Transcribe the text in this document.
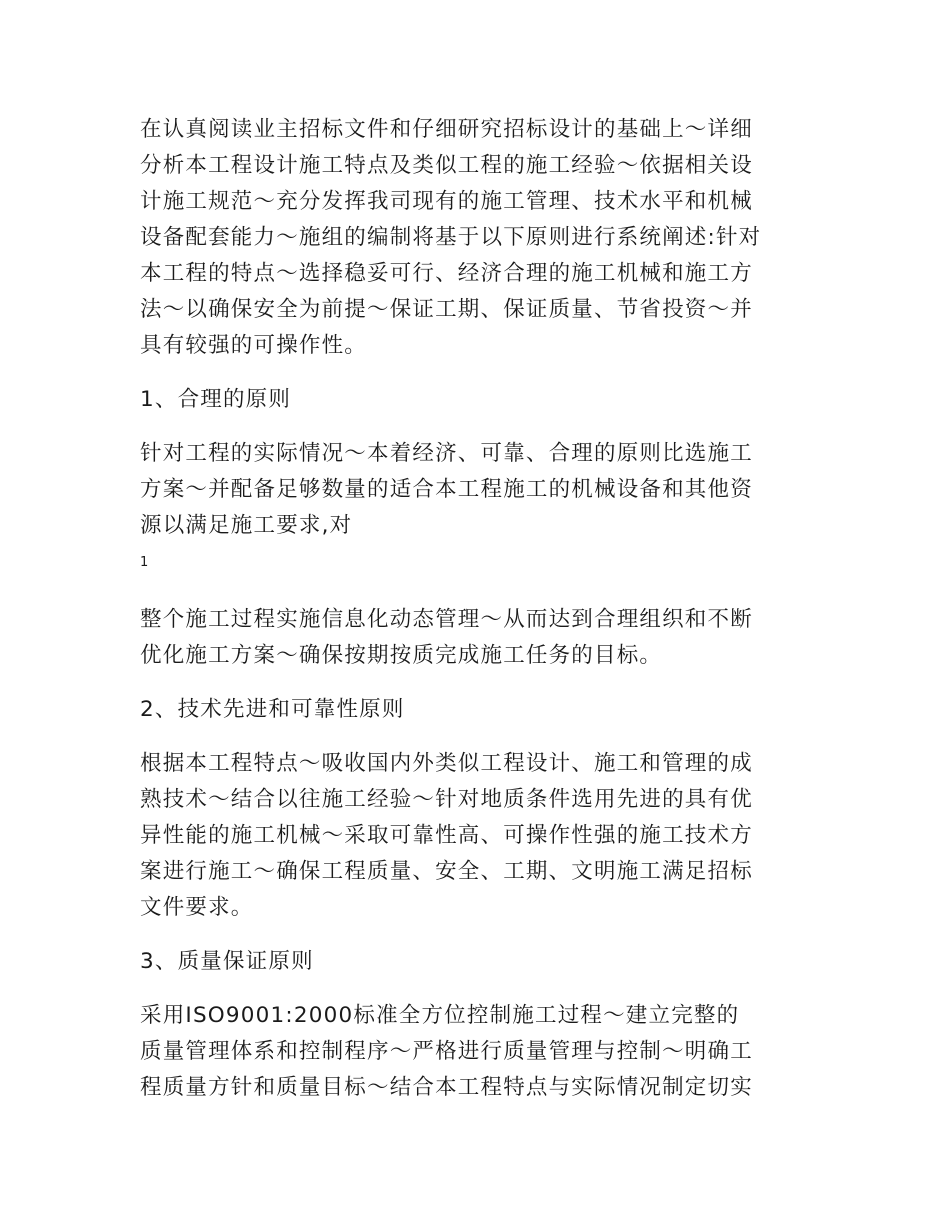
在认真阅读业主招标文件和仔细研究招标设计的基础上～详细
分析本工程设计施工特点及类似工程的施工经验～依据相关设
计施工规范～充分发挥我司现有的施工管理、技术水平和机械
设备配套能力～施组的编制将基于以下原则进行系统阐述:针对
本工程的特点～选择稳妥可行、经济合理的施工机械和施工方
法～以确保安全为前提～保证工期、保证质量、节省投资～并
具有较强的可操作性。

1、合理的原则

针对工程的实际情况～本着经济、可靠、合理的原则比选施工
方案～并配备足够数量的适合本工程施工的机械设备和其他资
源以满足施工要求,对

1

整个施工过程实施信息化动态管理～从而达到合理组织和不断
优化施工方案～确保按期按质完成施工任务的目标。

2、技术先进和可靠性原则

根据本工程特点～吸收国内外类似工程设计、施工和管理的成
熟技术～结合以往施工经验～针对地质条件选用先进的具有优
异性能的施工机械～采取可靠性高、可操作性强的施工技术方
案进行施工～确保工程质量、安全、工期、文明施工满足招标
文件要求。

3、质量保证原则

采用ISO9001:2000标准全方位控制施工过程～建立完整的
质量管理体系和控制程序～严格进行质量管理与控制～明确工
程质量方针和质量目标～结合本工程特点与实际情况制定切实
